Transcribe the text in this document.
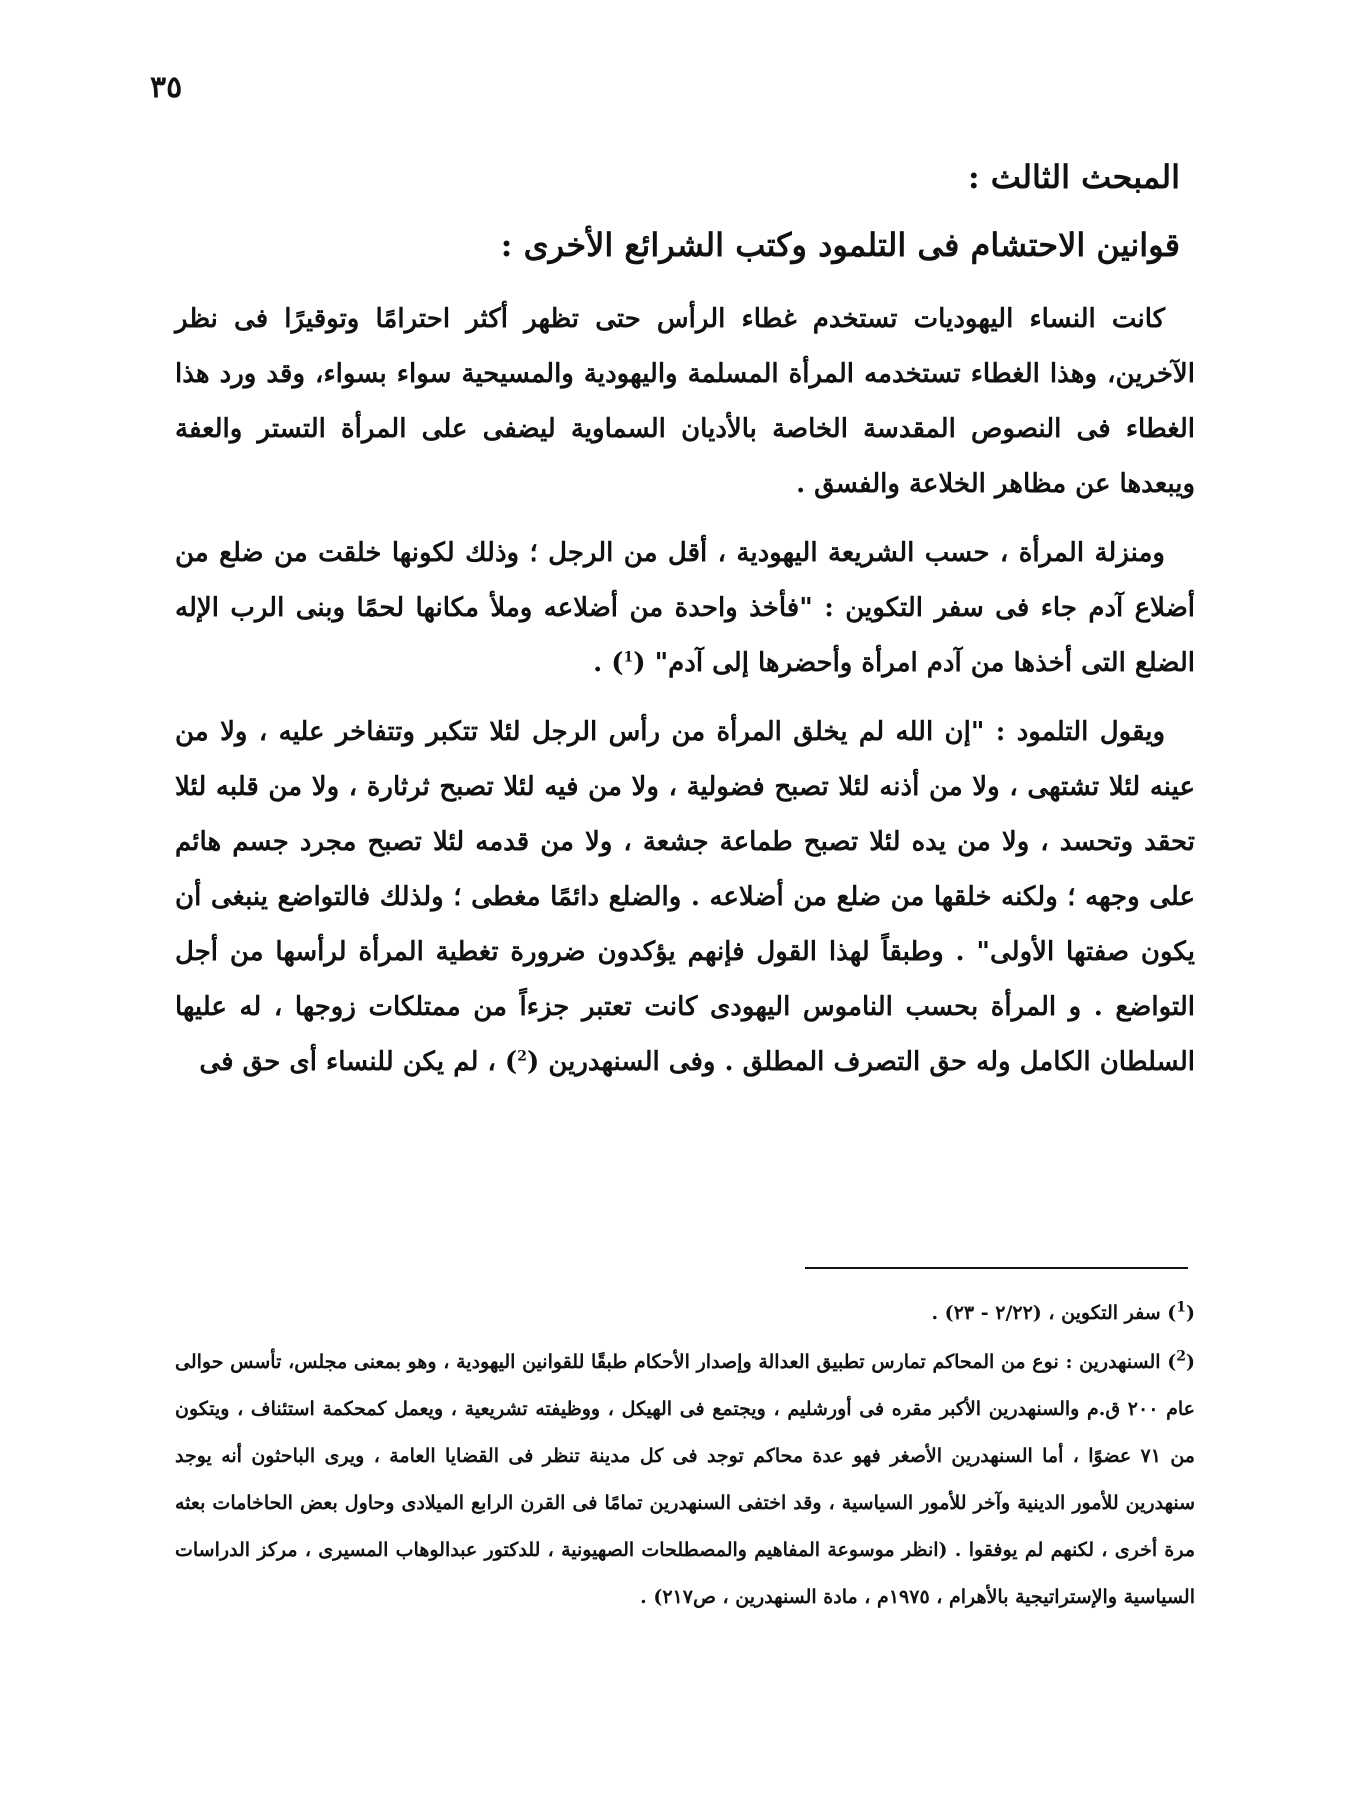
٣٥
المبحث الثالث :
قوانين الاحتشام فى التلمود وكتب الشرائع الأخرى :

كانت النساء اليهوديات تستخدم غطاء الرأس حتى تظهر أكثر احترامًا وتوقيرًا فى نظر الآخرين، وهذا الغطاء تستخدمه المرأة المسلمة واليهودية والمسيحية سواء بسواء، وقد ورد هذا الغطاء فى النصوص المقدسة الخاصة بالأديان السماوية ليضفى على المرأة التستر والعفة ويبعدها عن مظاهر الخلاعة والفسق .

ومنزلة المرأة ، حسب الشريعة اليهودية ، أقل من الرجل ؛ وذلك لكونها خلقت من ضلع من أضلاع آدم جاء فى سفر التكوين : "فأخذ واحدة من أضلاعه وملأ مكانها لحمًا وبنى الرب الإله الضلع التى أخذها من آدم امرأة وأحضرها إلى آدم" ($^1$) .

ويقول التلمود : "إن الله لم يخلق المرأة من رأس الرجل لئلا تتكبر وتتفاخر عليه ، ولا من عينه لئلا تشتهى ، ولا من أذنه لئلا تصبح فضولية ، ولا من فيه لئلا تصبح ثرثارة ، ولا من قلبه لئلا تحقد وتحسد ، ولا من يده لئلا تصبح طماعة جشعة ، ولا من قدمه لئلا تصبح مجرد جسم هائم على وجهه ؛ ولكنه خلقها من ضلع من أضلاعه . والضلع دائمًا مغطى ؛ ولذلك فالتواضع ينبغى أن يكون صفتها الأولى" . وطبقاً لهذا القول فإنهم يؤكدون ضرورة تغطية المرأة لرأسها من أجل التواضع . و المرأة بحسب الناموس اليهودى كانت تعتبر جزءاً من ممتلكات زوجها ، له عليها السلطان الكامل وله حق التصرف المطلق . وفى السنهدرين ($^2$) ، لم يكن للنساء أى حق فى

($^1$) سفر التكوين ، (٢/٢٢ - ٢٣) .

($^2$) السنهدرين : نوع من المحاكم تمارس تطبيق العدالة وإصدار الأحكام طبقًا للقوانين اليهودية ، وهو بمعنى مجلس، تأسس حوالى عام ٢٠٠ ق.م والسنهدرين الأكبر مقره فى أورشليم ، ويجتمع فى الهيكل ، ووظيفته تشريعية ، ويعمل كمحكمة استئناف ، ويتكون من ٧١ عضوًا ، أما السنهدرين الأصغر فهو عدة محاكم توجد فى كل مدينة تنظر فى القضايا العامة ، ويرى الباحثون أنه يوجد سنهدرين للأمور الدينية وآخر للأمور السياسية ، وقد اختفى السنهدرين تمامًا فى القرن الرابع الميلادى وحاول بعض الحاخامات بعثه مرة أخرى ، لكنهم لم يوفقوا . (انظر موسوعة المفاهيم والمصطلحات الصهيونية ، للدكتور عبدالوهاب المسيرى ، مركز الدراسات السياسية والإستراتيجية بالأهرام ، ١٩٧٥م ، مادة السنهدرين ، ص٢١٧) .
